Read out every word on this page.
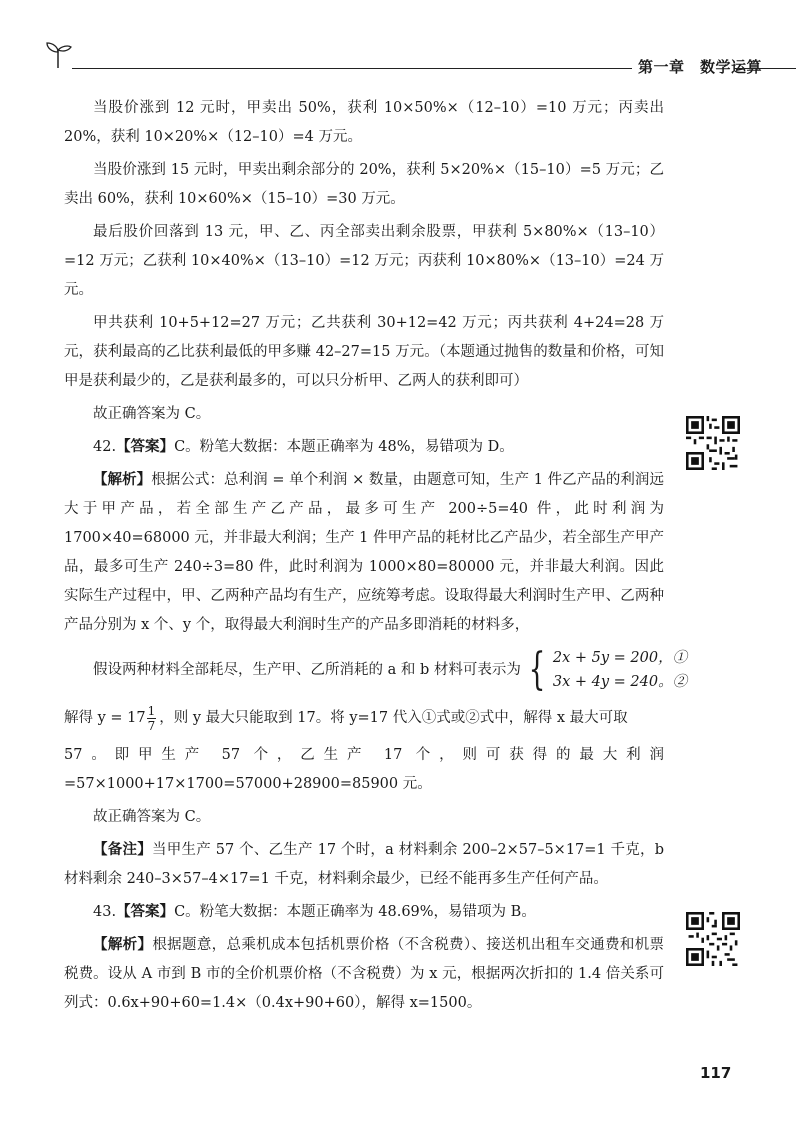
第一章　数学运算

当股价涨到 12 元时，甲卖出 50%，获利 10×50%×（12–10）=10 万元；丙卖出20%，获利 10×20%×（12–10）=4 万元。

当股价涨到 15 元时，甲卖出剩余部分的 20%，获利 5×20%×（15–10）=5 万元；乙卖出 60%，获利 10×60%×（15–10）=30 万元。

最后股价回落到 13 元，甲、乙、丙全部卖出剩余股票，甲获利 5×80%×（13–10）=12 万元；乙获利 10×40%×（13–10）=12 万元；丙获利 10×80%×（13–10）=24 万元。

甲共获利 10+5+12=27 万元；乙共获利 30+12=42 万元；丙共获利 4+24=28 万元，获利最高的乙比获利最低的甲多赚 42–27=15 万元。（本题通过抛售的数量和价格，可知甲是获利最少的，乙是获利最多的，可以只分析甲、乙两人的获利即可）

故正确答案为 C。

42.【答案】C。粉笔大数据：本题正确率为 48%，易错项为 D。

【解析】根据公式：总利润 = 单个利润 × 数量，由题意可知，生产 1 件乙产品的利润远大于甲产品，若全部生产乙产品，最多可生产 200÷5=40 件，此时利润为 1700×40=68000 元，并非最大利润；生产 1 件甲产品的耗材比乙产品少，若全部生产甲产品，最多可生产 240÷3=80 件，此时利润为 1000×80=80000 元，并非最大利润。因此实际生产过程中，甲、乙两种产品均有生产，应统筹考虑。设取得最大利润时生产甲、乙两种产品分别为 x 个、y 个，取得最大利润时生产的产品多即消耗的材料多，

假设两种材料全部耗尽，生产甲、乙所消耗的 a 和 b 材料可表示为 { 2x + 5y = 200，①
3x + 4y = 240。②
解得 $y = 17 \frac{1}{7}$ ，则 y 最大只能取到 17。将 y=17 代入①式或②式中，解得 x 最大可取

57。即甲生产 57 个，乙生产 17 个，则可获得的最大利润 =57×1000+17×1700=57000+28900=85900 元。

故正确答案为 C。

【备注】当甲生产 57 个、乙生产 17 个时，a 材料剩余 200–2×57–5×17=1 千克，b 材料剩余 240–3×57–4×17=1 千克，材料剩余最少，已经不能再多生产任何产品。

43.【答案】C。粉笔大数据：本题正确率为 48.69%，易错项为 B。

【解析】根据题意，总乘机成本包括机票价格（不含税费）、接送机出租车交通费和机票税费。设从 A 市到 B 市的全价机票价格（不含税费）为 x 元，根据两次折扣的 1.4 倍关系可列式：0.6x+90+60=1.4×（0.4x+90+60），解得 x=1500。

117
